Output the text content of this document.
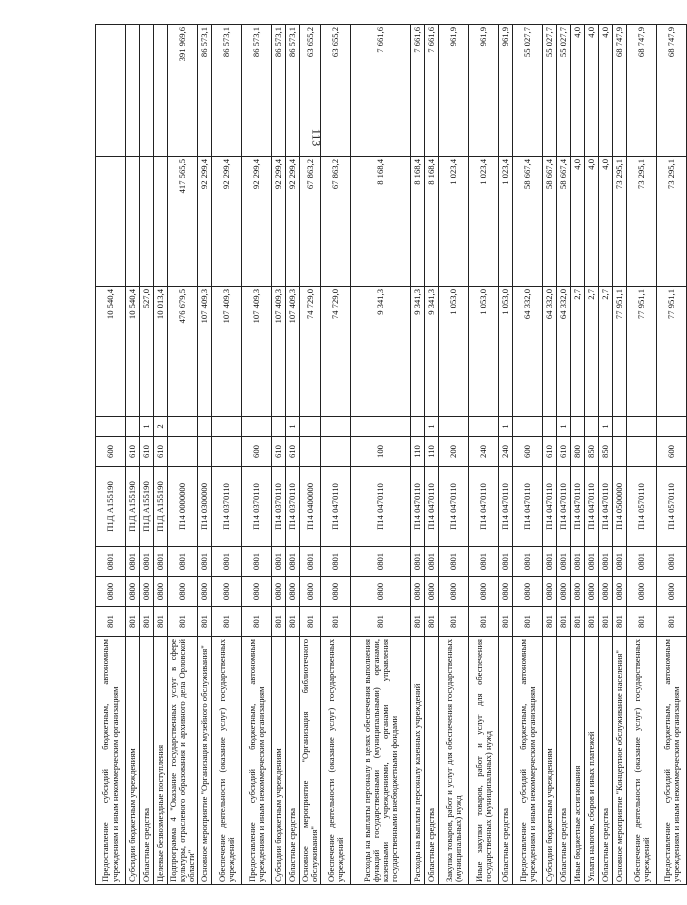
113
Предоставление субсидий бюджетным, автономным учреждениям и иным некоммерческим организациям	801	0800	0801	П1Д А155190	600		10 540,4		
Субсидии бюджетным учреждениям	801	0800	0801	П1Д А155190	610		10 540,4		
Областные средства	801	0800	0801	П1Д А155190	610	1	527,0		
Целевые безвозмездные поступления	801	0800	0801	П1Д А155190	610	2	10 013,4		
Подпрограмма 4 "Оказание государственных услуг в сфере культуры, отраслевого образования и архивного дела Орловской области"	801	0800	0801	П14 0000000			476 679,5	417 565,5	391 969,6
Основное мероприятие "Организация музейного обслуживания"	801	0800	0801	П14 0300000			107 409,3	92 299,4	86 573,1
Обеспечение деятельности (оказание услуг) государственных учреждений	801	0800	0801	П14 0370110			107 409,3	92 299,4	86 573,1
Предоставление субсидий бюджетным, автономным учреждениям и иным некоммерческим организациям	801	0800	0801	П14 0370110	600		107 409,3	92 299,4	86 573,1
Субсидии бюджетным учреждениям	801	0800	0801	П14 0370110	610		107 409,3	92 299,4	86 573,1
Областные средства	801	0800	0801	П14 0370110	610	1	107 409,3	92 299,4	86 573,1
Основное мероприятие "Организация библиотечного обслуживания"	801	0800	0801	П14 0400000			74 729,0	67 863,2	63 655,2
Обеспечение деятельности (оказание услуг) государственных учреждений	801	0800	0801	П14 0470110			74 729,0	67 863,2	63 655,2
Расходы на выплаты персоналу в целях обеспечения выполнения функций государственными (муниципальными) органами, казенными учреждениями, органами управления государственными внебюджетными фондами	801	0800	0801	П14 0470110	100		9 341,3	8 168,4	7 661,6
Расходы на выплаты персоналу казенных учреждений	801	0800	0801	П14 0470110	110		9 341,3	8 168,4	7 661,6
Областные средства	801	0800	0801	П14 0470110	110	1	9 341,3	8 168,4	7 661,6
Закупка товаров, работ и услуг для обеспечения государственных (муниципальных) нужд	801	0800	0801	П14 0470110	200		1 053,0	1 023,4	961,9
Иные закупки товаров, работ и услуг для обеспечения государственных (муниципальных) нужд	801	0800	0801	П14 0470110	240		1 053,0	1 023,4	961,9
Областные средства	801	0800	0801	П14 0470110	240	1	1 053,0	1 023,4	961,9
Предоставление субсидий бюджетным, автономным учреждениям и иным некоммерческим организациям	801	0800	0801	П14 0470110	600		64 332,0	58 667,4	55 027,7
Субсидии бюджетным учреждениям	801	0800	0801	П14 0470110	610		64 332,0	58 667,4	55 027,7
Областные средства	801	0800	0801	П14 0470110	610	1	64 332,0	58 667,4	55 027,7
Иные бюджетные ассигнования	801	0800	0801	П14 0470110	800		2,7	4,0	4,0
Уплата налогов, сборов и иных платежей	801	0800	0801	П14 0470110	850		2,7	4,0	4,0
Областные средства	801	0800	0801	П14 0470110	850	1	2,7	4,0	4,0
Основное мероприятие "Концертное обслуживание населения"	801	0800	0801	П14 0500000			77 951,1	73 295,1	68 747,9
Обеспечение деятельности (оказание услуг) государственных учреждений	801	0800	0801	П14 0570110			77 951,1	73 295,1	68 747,9
Предоставление субсидий бюджетным, автономным учреждениям и иным некоммерческим организациям	801	0800	0801	П14 0570110	600		77 951,1	73 295,1	68 747,9
